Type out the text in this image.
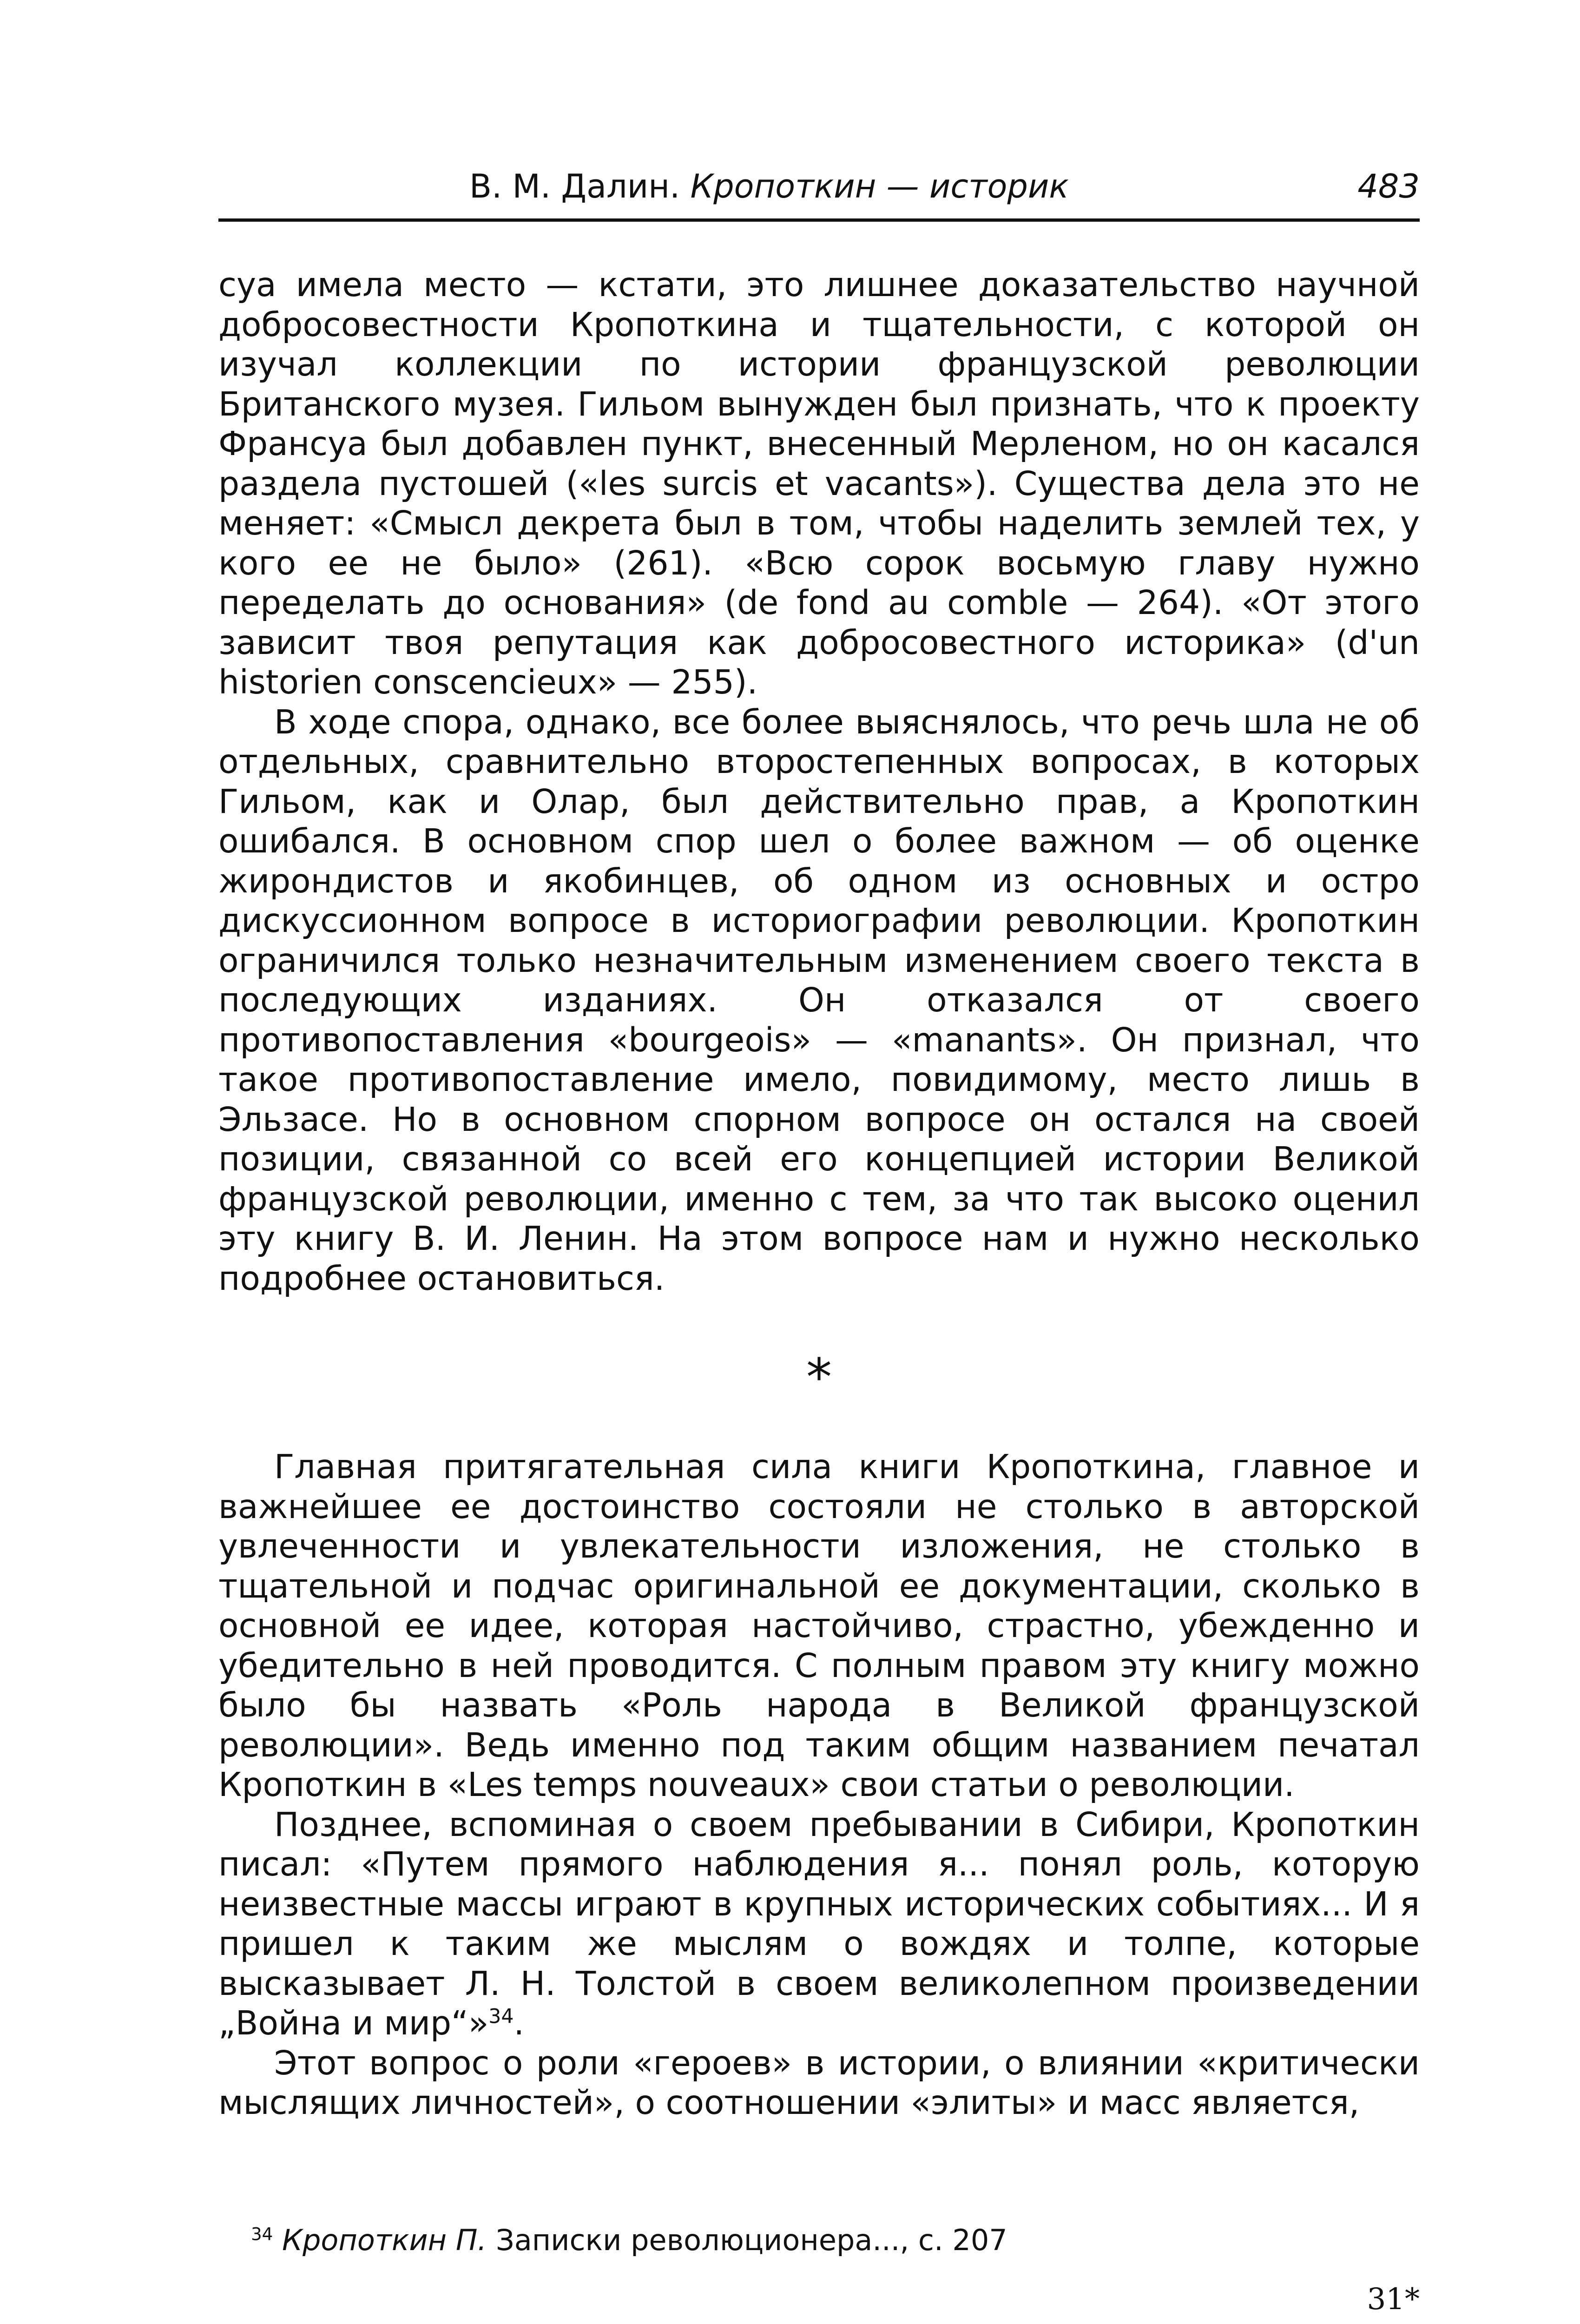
В. М. Далин. Кропоткин — историк	483

суа имела место — кстати, это лишнее доказательство научной добросовестности Кропоткина и тщательности, с которой он изучал коллекции по истории французской революции Британского музея. Гильом вынужден был признать, что к проекту Франсуа был добавлен пункт, внесенный Мерленом, но он касался раздела пустошей («les surcis et vacants»). Существа дела это не меняет: «Смысл декрета был в том, чтобы наделить землей тех, у кого ее не было» (261). «Всю сорок восьмую главу нужно переделать до основания» (de fond au comble — 264). «От этого зависит твоя репутация как добросовестного историка» (d'un historien conscencieux» — 255).

В ходе спора, однако, все более выяснялось, что речь шла не об отдельных, сравнительно второстепенных вопросах, в которых Гильом, как и Олар, был действительно прав, а Кропоткин ошибался. В основном спор шел о более важном — об оценке жирондистов и якобинцев, об одном из основных и остро дискуссионном вопросе в историографии революции. Кропоткин ограничился только незначительным изменением своего текста в последующих изданиях. Он отказался от своего противопоставления «bourgeois» — «manants». Он признал, что такое противопоставление имело, повидимому, место лишь в Эльзасе. Но в основном спорном вопросе он остался на своей позиции, связанной со всей его концепцией истории Великой французской революции, именно с тем, за что так высоко оценил эту книгу В. И. Ленин. На этом вопросе нам и нужно несколько подробнее остановиться.

*

Главная притягательная сила книги Кропоткина, главное и важнейшее ее достоинство состояли не столько в авторской увлеченности и увлекательности изложения, не столько в тщательной и подчас оригинальной ее документации, сколько в основной ее идее, которая настойчиво, страстно, убежденно и убедительно в ней проводится. С полным правом эту книгу можно было бы назвать «Роль народа в Великой французской революции». Ведь именно под таким общим названием печатал Кропоткин в «Les temps nouveaux» свои статьи о революции.

Позднее, вспоминая о своем пребывании в Сибири, Кропоткин писал: «Путем прямого наблюдения я... понял роль, которую неизвестные массы играют в крупных исторических событиях... И я пришел к таким же мыслям о вождях и толпе, которые высказывает Л. Н. Толстой в своем великолепном произведении „Война и мир“»$^{34}$.

Этот вопрос о роли «героев» в истории, о влиянии «критически мыслящих личностей», о соотношении «элиты» и масс является,

$^{34}$ Кропоткин П. Записки революционера..., с. 207
31*
